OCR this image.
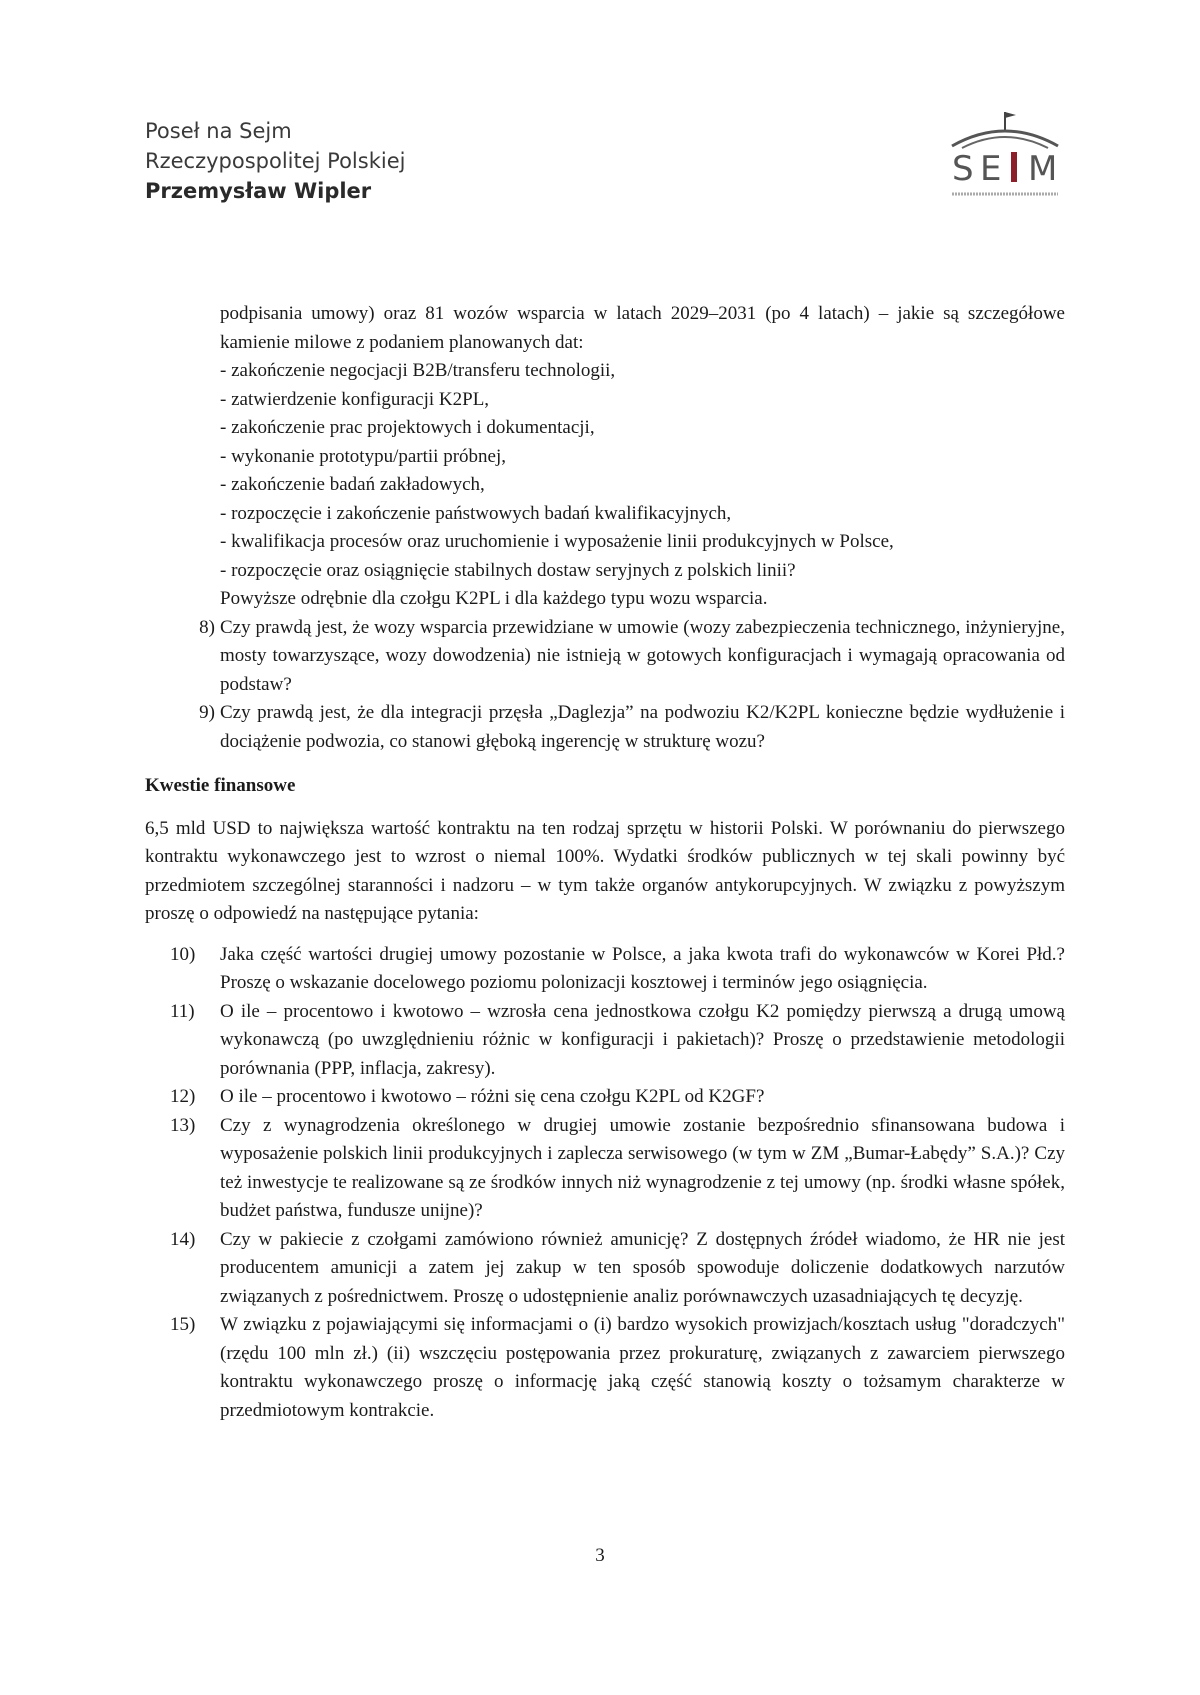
Poseł na Sejm
Rzeczypospolitej Polskiej
Przemysław Wipler
S E M

podpisania umowy) oraz 81 wozów wsparcia w latach 2029–2031 (po 4 latach) – jakie są szczegółowe kamienie milowe z podaniem planowanych dat:

- zakończenie negocjacji B2B/transferu technologii,

- zatwierdzenie konfiguracji K2PL,

- zakończenie prac projektowych i dokumentacji,

- wykonanie prototypu/partii próbnej,

- zakończenie badań zakładowych,

- rozpoczęcie i zakończenie państwowych badań kwalifikacyjnych,

- kwalifikacja procesów oraz uruchomienie i wyposażenie linii produkcyjnych w Polsce,

- rozpoczęcie oraz osiągnięcie stabilnych dostaw seryjnych z polskich linii?

Powyższe odrębnie dla czołgu K2PL i dla każdego typu wozu wsparcia.

8) Czy prawdą jest, że wozy wsparcia przewidziane w umowie (wozy zabezpieczenia technicznego, inżynieryjne, mosty towarzyszące, wozy dowodzenia) nie istnieją w gotowych konfiguracjach i wymagają opracowania od podstaw?
9) Czy prawdą jest, że dla integracji przęsła „Daglezja” na podwoziu K2/K2PL konieczne będzie wydłużenie i dociążenie podwozia, co stanowi głęboką ingerencję w strukturę wozu?

Kwestie finansowe

6,5 mld USD to największa wartość kontraktu na ten rodzaj sprzętu w historii Polski. W porównaniu do pierwszego kontraktu wykonawczego jest to wzrost o niemal 100%. Wydatki środków publicznych w tej skali powinny być przedmiotem szczególnej staranności i nadzoru – w tym także organów antykorupcyjnych. W związku z powyższym proszę o odpowiedź na następujące pytania:

10)	Jaka część wartości drugiej umowy pozostanie w Polsce, a jaka kwota trafi do wykonawców w Korei Płd.? Proszę o wskazanie docelowego poziomu polonizacji kosztowej i terminów jego osiągnięcia.
11)	O ile – procentowo i kwotowo – wzrosła cena jednostkowa czołgu K2 pomiędzy pierwszą a drugą umową wykonawczą (po uwzględnieniu różnic w konfiguracji i pakietach)? Proszę o przedstawienie metodologii porównania (PPP, inflacja, zakresy).
12)	O ile – procentowo i kwotowo – różni się cena czołgu K2PL od K2GF?
13)	Czy z wynagrodzenia określonego w drugiej umowie zostanie bezpośrednio sfinansowana budowa i wyposażenie polskich linii produkcyjnych i zaplecza serwisowego (w tym w ZM „Bumar-Łabędy” S.A.)? Czy też inwestycje te realizowane są ze środków innych niż wynagrodzenie z tej umowy (np. środki własne spółek, budżet państwa, fundusze unijne)?
14)	Czy w pakiecie z czołgami zamówiono również amunicję? Z dostępnych źródeł wiadomo, że HR nie jest producentem amunicji a zatem jej zakup w ten sposób spowoduje doliczenie dodatkowych narzutów związanych z pośrednictwem. Proszę o udostępnienie analiz porównawczych uzasadniających tę decyzję.
15)	W związku z pojawiającymi się informacjami o (i) bardzo wysokich prowizjach/kosztach usług "doradczych" (rzędu 100 mln zł.) (ii) wszczęciu postępowania przez prokuraturę, związanych z zawarciem pierwszego kontraktu wykonawczego proszę o informację jaką część stanowią koszty o tożsamym charakterze w przedmiotowym kontrakcie.
3
